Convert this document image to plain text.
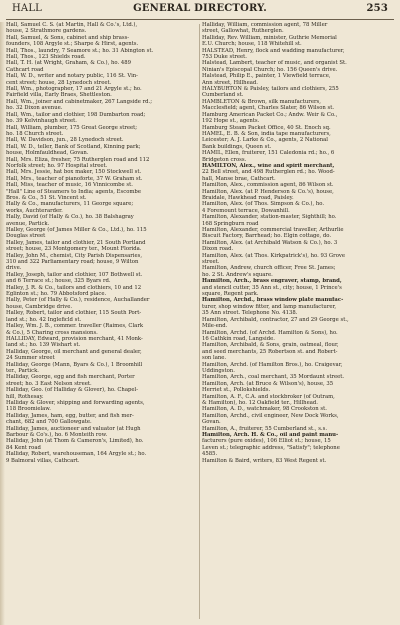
HALL	GENERAL DIRECTORY.	253

Hall, Samuel C. S. (at Martin, Hall & Co.'s, Ltd.),

house, 2 Strathmore gardens.

Hall, Samuel, & Sons, cabinet and ship brass-

founders, 108 Argyle st.; Sharpe & Hirst, agents.

Hall, Thos., laundry, 7 Seamore st.; ho. 31 Abington st.

Hall, Thos., 123 Shields road.

Hall, T. H. (at Wright, Graham, & Co.), ho. 489

Cathcart road

Hall, W. D., writer and notary public, 116 St. Vin-

cent street; house, 28 Lynedoch street.

Hall, Wm., photographer, 17 and 21 Argyle st.; ho.

Fairfield villa, Early Braes, Shettleston.

Hall, Wm., joiner and cabinetmaker, 267 Langside rd.;

ho. 32 Dixon avenue.

Hall, Wm., tailor and clothier, 198 Dumbarton road;

ho. 39 Kelvinhaugh street.

Hall, William, plumber, 175 Great George street;

ho. 18 Church street.

Hall, W. Davidson, jun., 28 Lynedoch street.

Hall, W. D., teller, Bank of Scotland, Kinning park;

house, Holmfauldhead, Govan.

Hall, Mrs. Eliza, fresher, 75 Rutherglen road and 112

Norfolk street; ho. 97 Hospital street.

Hall, Mrs. Jessie, hat box maker, 150 Stockwell st.

Hall, Mrs., teacher of pianoforte, 37 W. Graham st.

Hall, Miss, teacher of music, 16 Vinnicombe st.

"Hall" Line of Steamers to India; agents, Escombe

Bros. & Co., 51 St. Vincent st.

Hally & Co., manufacturers, 11 George square;

works, Auchterarder.

Hally, David (of Hally & Co.), ho. 38 Balshagray

avenue, Partick.

Halley, George (of James Miller & Co., Ltd.), ho. 115

Douglas street

Halley, James, tailor and clothier, 21 South Portland

street; house, 23 Montgomery ter., Mount Florida.

Halley, John M., chemist, City Parish Dispensaries,

310 and 322 Parliamentary road; house, 9 Wilton

drive.

Halley, Joseph, tailor and clothier, 107 Bothwell st.

and 6 Terrace st.; house, 325 Byars rd.

Halley, J. R. & Co., tailors and clothiers, 10 and 12

Eglinton st.; ho. 79 Abbotsford place.

Hally, Peter (of Hally & Co.), residence, Auchallander

house, Cambridge drive.

Halley, Robert, tailor and clothier, 115 South Port-

land st.; ho. 42 Ingleficld st.

Halley, Wm. J. B., commer. traveller (Raimes, Clark

& Co.), 5 Charing cross mansions.

HALLIDAY, Edward, provision merchant, 41 Monk-

land st.; ho. 139 Wishart st.

Halliday, George, oil merchant and general dealer,

24 Summer street

Halliday, George (Mann, Byars & Co.), 1 Broomhill

ter., Partick.

Halliday, George, egg and fish merchant, Porter

street; ho. 3 East Nelson street.

Halliday, Geo. (of Halliday & Glover), ho. Chapel-

hill, Rothesay.

Halliday & Glover, shipping and forwarding agents,

118 Broomielaw.

Halliday, James, ham, egg, butter, and fish mer-

chant, 682 and 700 Gallowgate.

Halliday, James, auctioneer and valuator (at Hugh

Barbour & Co's.), ho. 6 Monteith row.

Halliday, John (at Thom & Cameron's, Limited), ho.

84 Kent road

Halliday, Robert, warehouseman, 164 Argyle st.; ho.

9 Balmoral villas, Cathcart.

Halliday, William, commission agent, 78 Miller

street, Gallowhat, Rutherglen.

Halliday, Rev. William, minister, Guthrie Memorial

E.U. Church; house, 118 Whitehill st.

HALSTEAD, Henry, flock and wadding manufacturer,

753 Duke street.

Halstead, Lambert, teacher of music, and organist St.

Ninian's Episcopal Church; ho. 156 Queen's drive.

Halstead, Philip E., painter, 1 Viewfield terrace,

Ann street, Hillhead.

HALYBURTON & Paisley, tailors and clothiers, 255

Cumberland st.

HAMBLETON & Brown, silk manufacturers,

Macclesfield; agent, Charles Slater, 86 Wilson st.

Hamburg American Packet Co.; Andw. Weir & Co.,

192 Hope st., agents.

Hamburg Steam Packet Office, 40 St. Enoch sq.

HAMEL, E. B. & Son, india tape manufacturers,

Leicester; A. J. Larke & Co., agents, 2 National

Bank buildings, Queen st.

HAMIL, Ellen, fruiterer, 151 Caledonia rd.; ho., 6

Bridgeton cross.

HAMILTON, Alex., wine and spirit merchant,

22 Bell street, and 498 Rutherglen rd.; ho. Wood-

hall, Manse brae, Cathcart.

Hamilton, Alex., commission agent, 86 Wilson st.

Hamilton, Alex. (at P. Henderson & Co.'s), house,

Braidale, Hawkhead road, Paisley.

Hamilton, Alex. (of Thos. Simpson & Co.), ho.

4 Foremount terrace, Dowanhill.

Hamilton, Alexander, station-master, Sighthill; ho.

168 Springburn road

Hamilton, Alexander, commercial traveller, Arthurlie

Biscuit Factory, Barrhead; ho. Elgin cottage, do.

Hamilton, Alex. (at Archibald Watson & Co.), ho. 3

Dixon road.

Hamilton, Alex. (at Thos. Kirkpatrick's), ho. 93 Grove

street.

Hamilton, Andrew, church officer, Free St. James;

ho. 2 St. Andrew's square.

Hamilton, Arch., brass engraver, stamp, brand,

and stencil cutter, 35 Ann st., city; house, 1 Prince's

square, Regent park.

Hamilton, Archd., brass window plate manufac-

turer, shop window fitter, and lamp manufacturer,

35 Ann street. Telephone No. 4138.

Hamilton, Archibald, contractor, 27 and 29 George st.,

Mile-end.

Hamilton, Archd. (of Archd. Hamilton & Sons), ho.

16 Cathkin road, Langside.

Hamilton, Archibald, & Sons, grain, oatmeal, flour,

and seed merchants, 25 Robertson st. and Robert-

son lane.

Hamilton, Archd. (of Hamilton Bros.), ho. Craigevar,

Uddingston.

Hamilton, Arch., coal merchant, 35 Mordaunt street.

Hamilton, Arch. (at Bruce & Wilson's), house, 35

Herriet st., Pollokshields.

Hamilton, A. F., C.A. and stockbroker (of Outram,

& Hamilton), ho. 12 Oakfield ter., Hillhead.

Hamilton, A. D., watchmaker, 98 Crookston st.

Hamilton, Archd., civil engineer, New Dock Works,

Govan.

Hamilton, A., fruiterer, 55 Cumberland st., s.s.

Hamilton, Arch. H. & Co., oil and paint manu-

facturers (pure oxides), 106 Elliot st.; house, 15

Leven st.; telegraphic address, "Satisfy"; telephone

4585.

Hamilton & Baird, writers, 83 West Regent st.
